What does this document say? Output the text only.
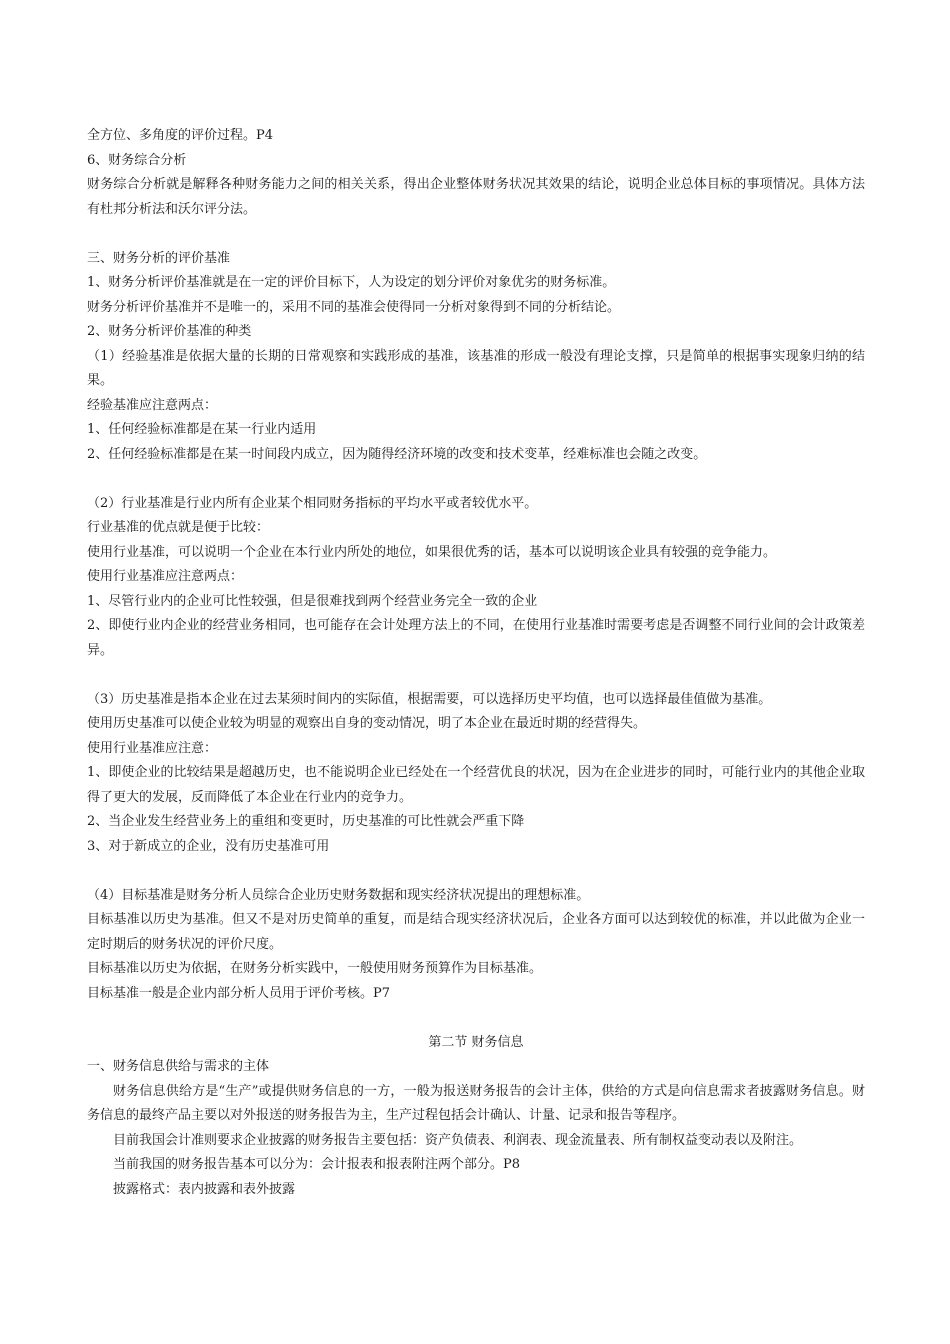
全方位、多角度的评价过程。P4
6、财务综合分析
财务综合分析就是解释各种财务能力之间的相关关系，得出企业整体财务状况其效果的结论，说明企业总体目标的事项情况。具体方法有杜邦分析法和沃尔评分法。
三、财务分析的评价基准
1、财务分析评价基准就是在一定的评价目标下，人为设定的划分评价对象优劣的财务标准。
财务分析评价基准并不是唯一的，采用不同的基准会使得同一分析对象得到不同的分析结论。
2、财务分析评价基准的种类
（1）经验基准是依据大量的长期的日常观察和实践形成的基准，该基准的形成一般没有理论支撑，只是简单的根据事实现象归纳的结果。
经验基准应注意两点：
1、任何经验标准都是在某一行业内适用
2、任何经验标准都是在某一时间段内成立，因为随得经济环境的改变和技术变革，经难标准也会随之改变。
（2）行业基准是行业内所有企业某个相同财务指标的平均水平或者较优水平。
行业基准的优点就是便于比较：
使用行业基准，可以说明一个企业在本行业内所处的地位，如果很优秀的话，基本可以说明该企业具有较强的竞争能力。
使用行业基准应注意两点：
1、尽管行业内的企业可比性较强，但是很难找到两个经营业务完全一致的企业
2、即使行业内企业的经营业务相同，也可能存在会计处理方法上的不同，在使用行业基准时需要考虑是否调整不同行业间的会计政策差异。
（3）历史基准是指本企业在过去某须时间内的实际值，根据需要，可以选择历史平均值，也可以选择最佳值做为基准。
使用历史基准可以使企业较为明显的观察出自身的变动情况，明了本企业在最近时期的经营得失。
使用行业基准应注意：
1、即使企业的比较结果是超越历史，也不能说明企业已经处在一个经营优良的状况，因为在企业进步的同时，可能行业内的其他企业取得了更大的发展，反而降低了本企业在行业内的竞争力。
2、当企业发生经营业务上的重组和变更时，历史基准的可比性就会严重下降
3、对于新成立的企业，没有历史基准可用
（4）目标基准是财务分析人员综合企业历史财务数据和现实经济状况提出的理想标准。
目标基准以历史为基准。但又不是对历史简单的重复，而是结合现实经济状况后，企业各方面可以达到较优的标准，并以此做为企业一定时期后的财务状况的评价尺度。
目标基准以历史为依据，在财务分析实践中，一般使用财务预算作为目标基准。
目标基准一般是企业内部分析人员用于评价考核。P7
第二节 财务信息
一、财务信息供给与需求的主体
财务信息供给方是“生产”或提供财务信息的一方，一般为报送财务报告的会计主体，供给的方式是向信息需求者披露财务信息。财务信息的最终产品主要以对外报送的财务报告为主，生产过程包括会计确认、计量、记录和报告等程序。
目前我国会计准则要求企业披露的财务报告主要包括：资产负债表、利润表、现金流量表、所有制权益变动表以及附注。
当前我国的财务报告基本可以分为：会计报表和报表附注两个部分。P8
披露格式：表内披露和表外披露
